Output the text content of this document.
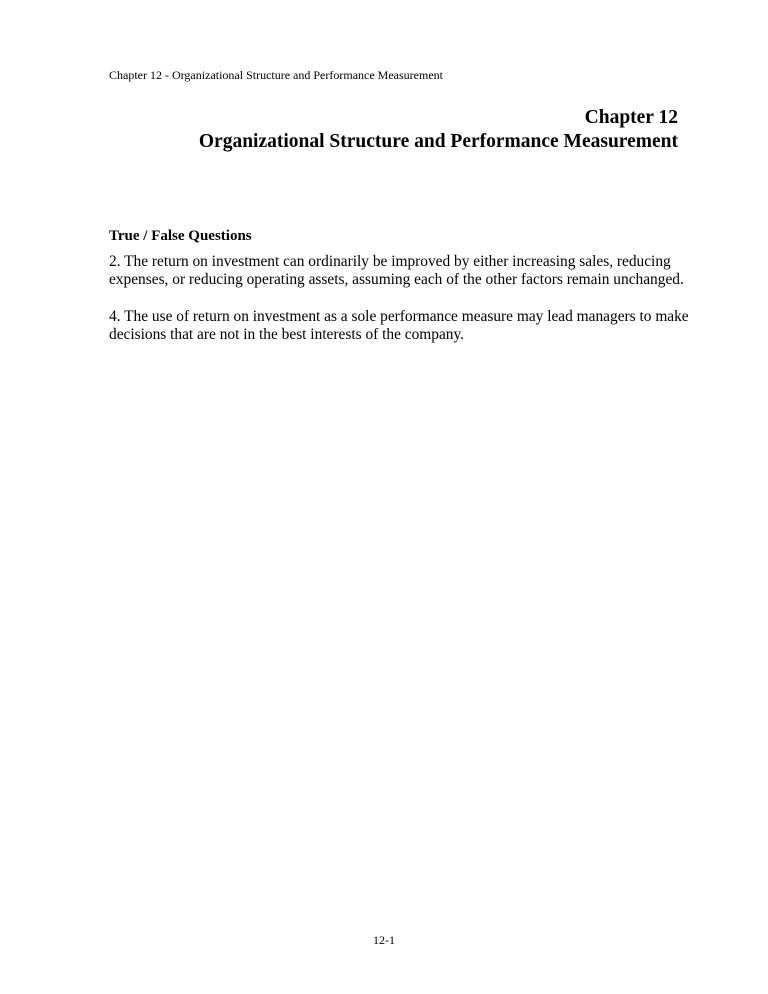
Chapter 12 - Organizational Structure and Performance Measurement
Chapter 12
Organizational Structure and Performance Measurement
True / False Questions
2. The return on investment can ordinarily be improved by either increasing sales, reducing expenses, or reducing operating assets, assuming each of the other factors remain unchanged.
4. The use of return on investment as a sole performance measure may lead managers to make decisions that are not in the best interests of the company.
12-1
